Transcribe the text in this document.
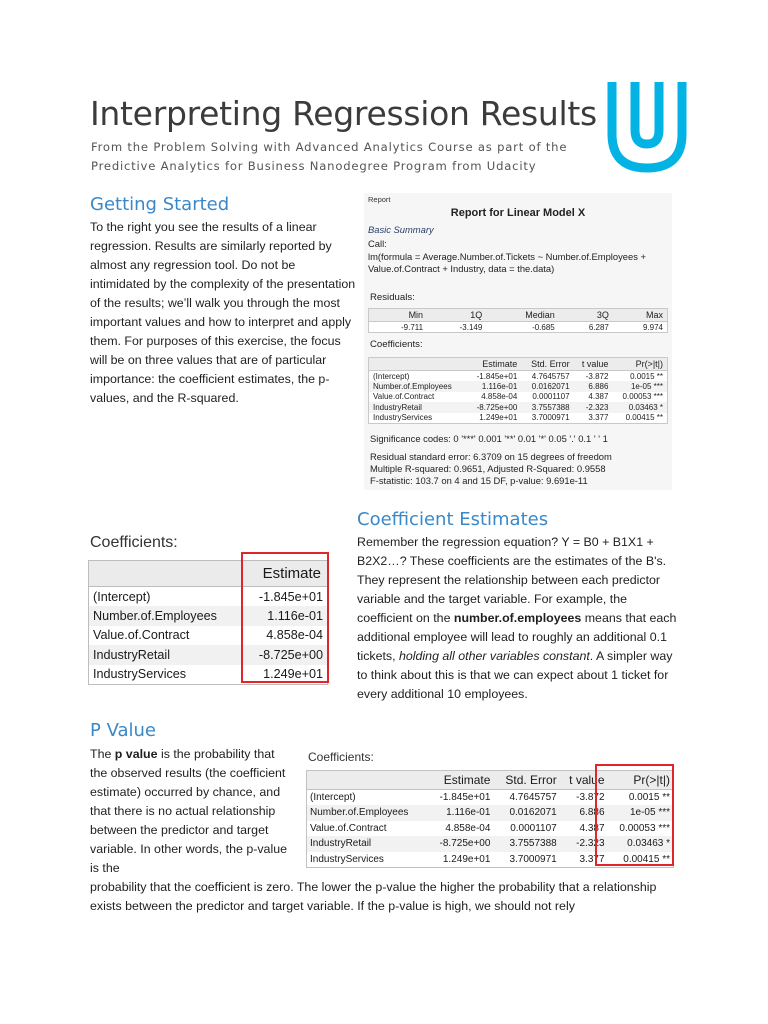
Interpreting Regression Results
From the Problem Solving with Advanced Analytics Course as part of the
Predictive Analytics for Business Nanodegree Program from Udacity
Getting Started

To the right you see the results of a linear regression. Results are similarly reported by almost any regression tool. Do not be intimidated by the complexity of the presentation of the results; we’ll walk you through the most important values and how to interpret and apply them. For purposes of this exercise, the focus will be on three values that are of particular importance: the coefficient estimates, the p-values, and the R-squared.

Report
Report for Linear Model X
Basic Summary
Call:
lm(formula = Average.Number.of.Tickets ~ Number.of.Employees + Value.of.Contract + Industry, data = the.data)
Residuals:
Min	1Q	Median	3Q	Max
-9.711	-3.149	-0.685	6.287	9.974
Coefficients:
	Estimate	Std. Error	t value	Pr(>|t|)
(Intercept)	-1.845e+01	4.7645757	-3.872	0.0015 **
Number.of.Employees	1.116e-01	0.0162071	6.886	1e-05 ***
Value.of.Contract	4.858e-04	0.0001107	4.387	0.00053 ***
IndustryRetail	-8.725e+00	3.7557388	-2.323	0.03463 *
IndustryServices	1.249e+01	3.7000971	3.377	0.00415 **
Significance codes: 0 '***' 0.001 '**' 0.01 '*' 0.05 '.' 0.1 ' ' 1
Residual standard error: 6.3709 on 15 degrees of freedom
Multiple R-squared: 0.9651, Adjusted R-Squared: 0.9558
F-statistic: 103.7 on 4 and 15 DF, p-value: 9.691e-11
Coefficients:
	Estimate
(Intercept)	-1.845e+01
Number.of.Employees	1.116e-01
Value.of.Contract	4.858e-04
IndustryRetail	-8.725e+00
IndustryServices	1.249e+01
Coefficient Estimates

Remember the regression equation? Y = B0 + B1X1 + B2X2…? These coefficients are the estimates of the B's. They represent the relationship between each predictor variable and the target variable. For example, the coefficient on the number.of.employees means that each additional employee will lead to roughly an additional 0.1 tickets, holding all other variables constant. A simpler way to think about this is that we can expect about 1 ticket for every additional 10 employees.

P Value

The p value is the probability that the observed results (the coefficient estimate) occurred by chance, and that there is no actual relationship between the predictor and target variable. In other words, the p-value is the

probability that the coefficient is zero. The lower the p-value the higher the probability that a relationship exists between the predictor and target variable. If the p-value is high, we should not rely

Coefficients:
	Estimate	Std. Error	t value	Pr(>|t|)
(Intercept)	-1.845e+01	4.7645757	-3.872	0.0015 **
Number.of.Employees	1.116e-01	0.0162071	6.886	1e-05 ***
Value.of.Contract	4.858e-04	0.0001107	4.387	0.00053 ***
IndustryRetail	-8.725e+00	3.7557388	-2.323	0.03463 *
IndustryServices	1.249e+01	3.7000971	3.377	0.00415 **
